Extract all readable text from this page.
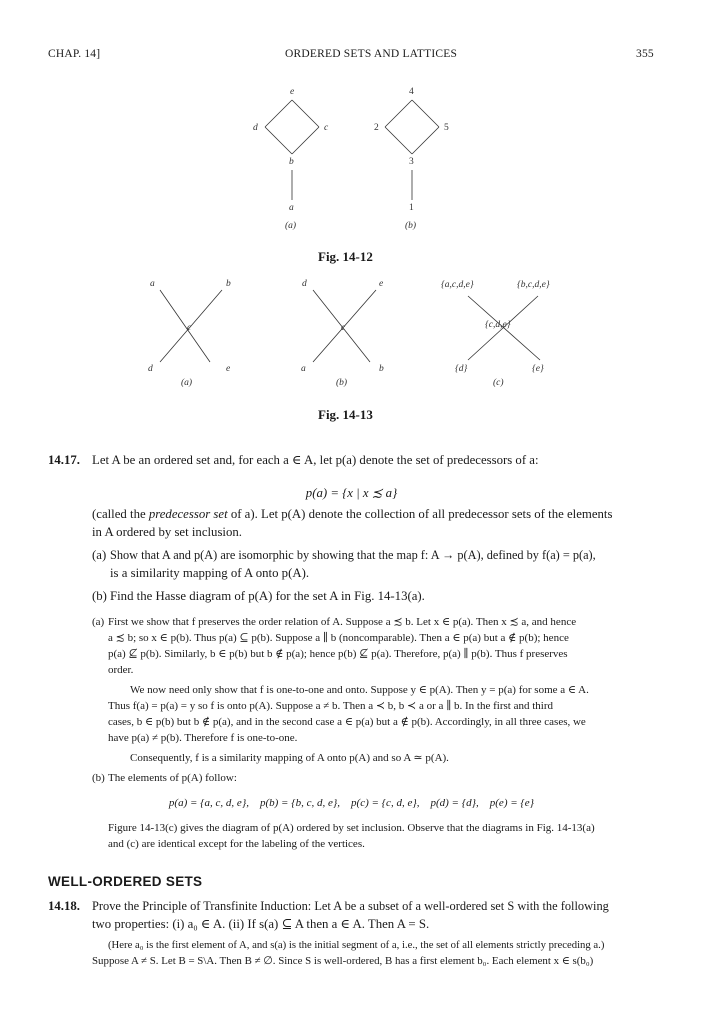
CHAP. 14]	ORDERED SETS AND LATTICES	355
e
d	c
b
a
(a)
4
2	5
3
1
(b)
Fig. 14-12
a	b
c
d	e
(a)
d	e
c
a	b
(b)
{a,c,d,e}	{b,c,d,e}
{c,d,e}
{d}	{e}
(c)
Fig. 14-13
14.17. Let A be an ordered set and, for each a ∈ A, let p(a) denote the set of predecessors of a:
p(a) = {x | x ≾ a}
(called the predecessor set of a). Let p(A) denote the collection of all predecessor sets of the elements
in A ordered by set inclusion.
(a) Show that A and p(A) are isomorphic by showing that the map f: A → p(A), defined by f(a) = p(a),
is a similarity mapping of A onto p(A).
(b) Find the Hasse diagram of p(A) for the set A in Fig. 14-13(a).
(a) First we show that f preserves the order relation of A. Suppose a ≾ b. Let x ∈ p(a). Then x ≾ a, and hence
a ≾ b; so x ∈ p(b). Thus p(a) ⊆ p(b). Suppose a ∥ b (noncomparable). Then a ∈ p(a) but a ∉ p(b); hence
p(a) ⊈ p(b). Similarly, b ∈ p(b) but b ∉ p(a); hence p(b) ⊈ p(a). Therefore, p(a) ∥ p(b). Thus f preserves
order.
We now need only show that f is one-to-one and onto. Suppose y ∈ p(A). Then y = p(a) for some a ∈ A.
Thus f(a) = p(a) = y so f is onto p(A). Suppose a ≠ b. Then a ≺ b, b ≺ a or a ∥ b. In the first and third
cases, b ∈ p(b) but b ∉ p(a), and in the second case a ∈ p(a) but a ∉ p(b). Accordingly, in all three cases, we
have p(a) ≠ p(b). Therefore f is one-to-one.
Consequently, f is a similarity mapping of A onto p(A) and so A ≃ p(A).
(b) The elements of p(A) follow:
p(a) = {a, c, d, e},    p(b) = {b, c, d, e},    p(c) = {c, d, e},    p(d) = {d},    p(e) = {e}
Figure 14-13(c) gives the diagram of p(A) ordered by set inclusion. Observe that the diagrams in Fig. 14-13(a)
and (c) are identical except for the labeling of the vertices.
WELL-ORDERED SETS
14.18. Prove the Principle of Transfinite Induction: Let A be a subset of a well-ordered set S with the following
two properties: (i) a₀ ∈ A. (ii) If s(a) ⊆ A then a ∈ A. Then A = S.
(Here a₀ is the first element of A, and s(a) is the initial segment of a, i.e., the set of all elements strictly preceding a.)
Suppose A ≠ S. Let B = S\A. Then B ≠ ∅. Since S is well-ordered, B has a first element b₀. Each element x ∈ s(b₀)
